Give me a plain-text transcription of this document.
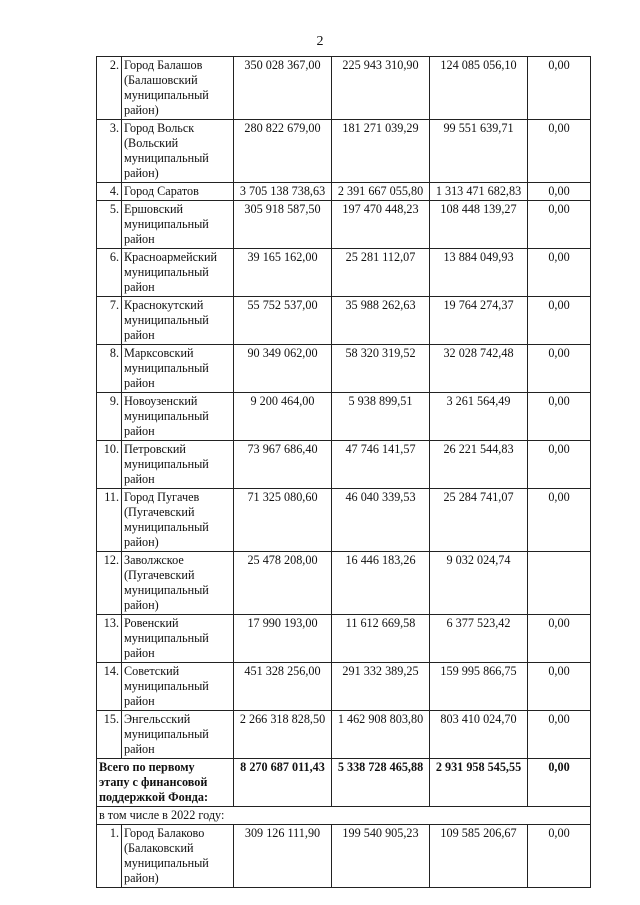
2
2.	Город Балашов
(Балашовский
муниципальный
район)	350 028 367,00	225 943 310,90	124 085 056,10	0,00
3.	Город Вольск
(Вольский
муниципальный
район)	280 822 679,00	181 271 039,29	99 551 639,71	0,00
4.	Город Саратов	3 705 138 738,63	2 391 667 055,80	1 313 471 682,83	0,00
5.	Ершовский
муниципальный
район	305 918 587,50	197 470 448,23	108 448 139,27	0,00
6.	Красноармейский
муниципальный
район	39 165 162,00	25 281 112,07	13 884 049,93	0,00
7.	Краснокутский
муниципальный
район	55 752 537,00	35 988 262,63	19 764 274,37	0,00
8.	Марксовский
муниципальный
район	90 349 062,00	58 320 319,52	32 028 742,48	0,00
9.	Новоузенский
муниципальный
район	9 200 464,00	5 938 899,51	3 261 564,49	0,00
10.	Петровский
муниципальный
район	73 967 686,40	47 746 141,57	26 221 544,83	0,00
11.	Город Пугачев
(Пугачевский
муниципальный
район)	71 325 080,60	46 040 339,53	25 284 741,07	0,00
12.	Заволжское
(Пугачевский
муниципальный
район)	25 478 208,00	16 446 183,26	9 032 024,74	
13.	Ровенский
муниципальный
район	17 990 193,00	11 612 669,58	6 377 523,42	0,00
14.	Советский
муниципальный
район	451 328 256,00	291 332 389,25	159 995 866,75	0,00
15.	Энгельсский
муниципальный
район	2 266 318 828,50	1 462 908 803,80	803 410 024,70	0,00
Всего по первому
этапу с финансовой
поддержкой Фонда:		8 270 687 011,43	5 338 728 465,88	2 931 958 545,55	0,00
в том числе в 2022 году:					
1.	Город Балаково
(Балаковский
муниципальный
район)	309 126 111,90	199 540 905,23	109 585 206,67	0,00
